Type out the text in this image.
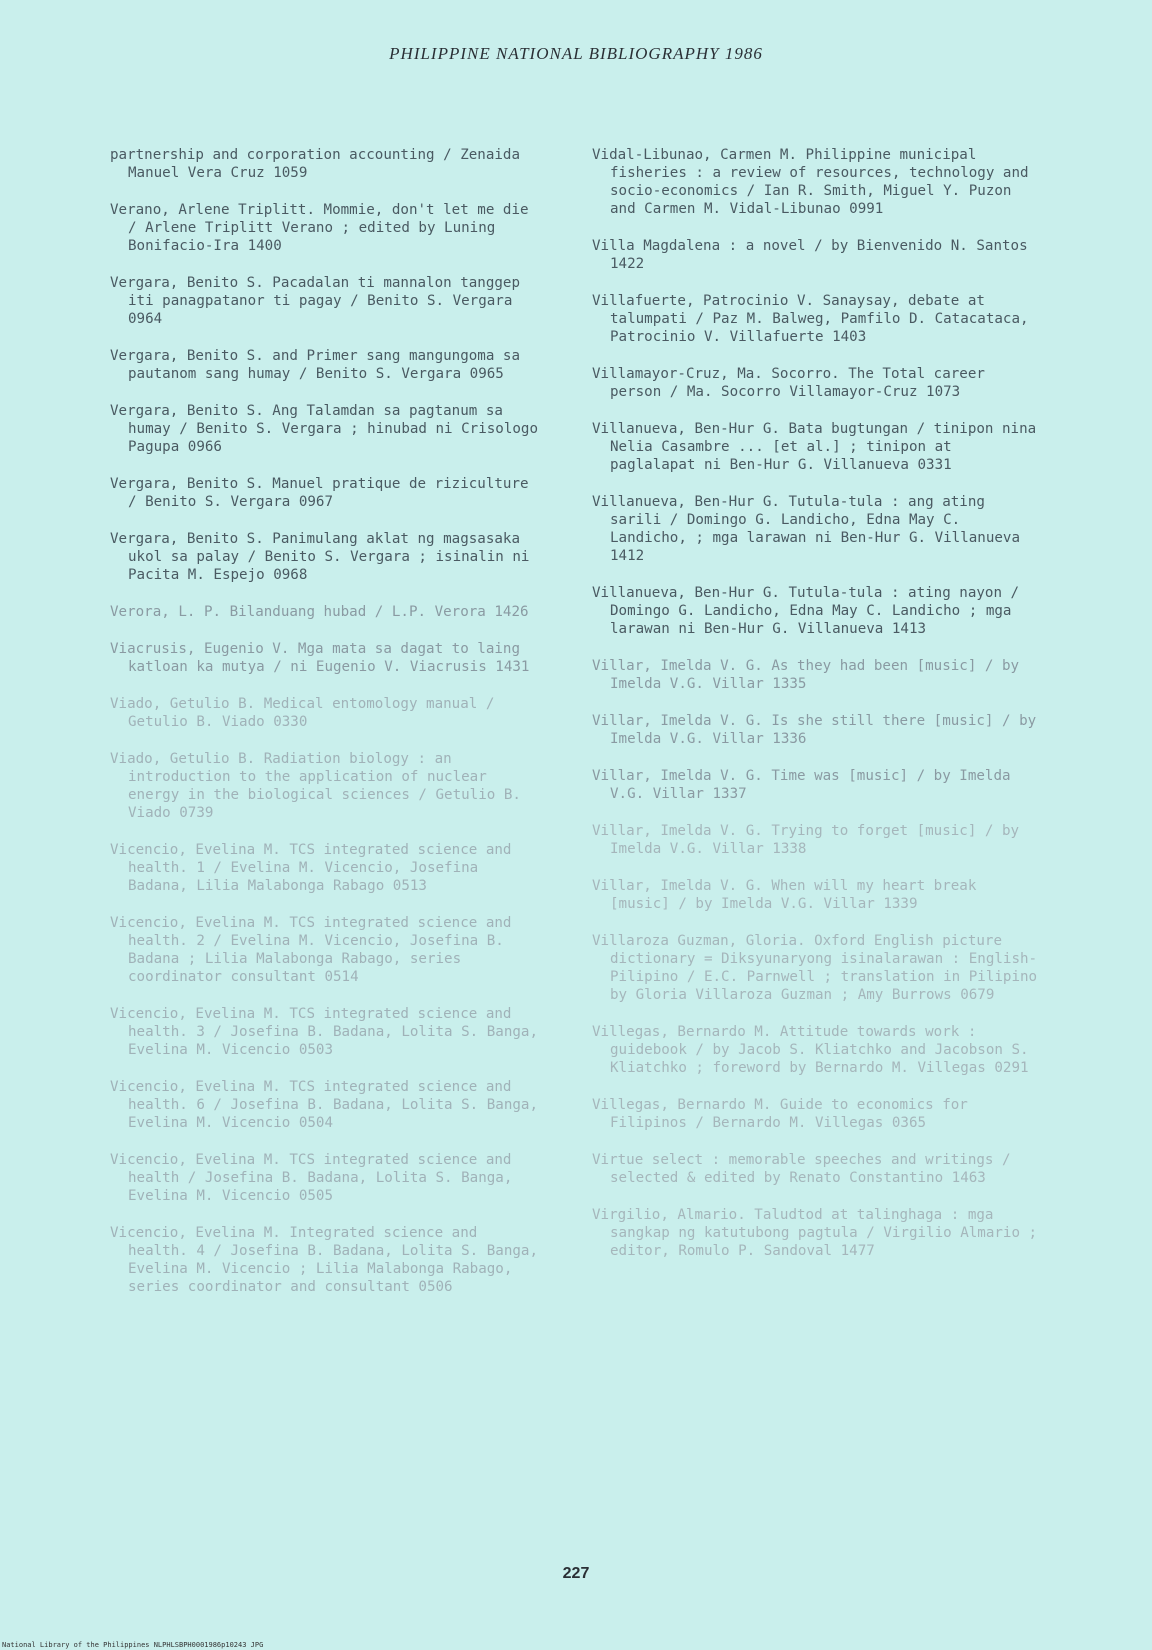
PHILIPPINE NATIONAL BIBLIOGRAPHY 1986
partnership and corporation accounting / Zenaida Manuel Vera Cruz 1059
Verano, Arlene Triplitt. Mommie, don't let me die / Arlene Triplitt Verano ; edited by Luning Bonifacio-Ira 1400
Vergara, Benito S. Pacadalan ti mannalon tanggep iti panagpatanor ti pagay / Benito S. Vergara 0964
Vergara, Benito S. and Primer sang mangungoma sa pautanom sang humay / Benito S. Vergara 0965
Vergara, Benito S. Ang Talamdan sa pagtanum sa humay / Benito S. Vergara ; hinubad ni Crisologo Pagupa 0966
Vergara, Benito S. Manuel pratique de riziculture / Benito S. Vergara 0967
Vergara, Benito S. Panimulang aklat ng magsasaka ukol sa palay / Benito S. Vergara ; isinalin ni Pacita M. Espejo 0968
Verora, L. P. Bilanduang hubad / L.P. Verora 1426
Viacrusis, Eugenio V. Mga mata sa dagat to laing katloan ka mutya / ni Eugenio V. Viacrusis 1431
Viado, Getulio B. Medical entomology manual / Getulio B. Viado 0330
Viado, Getulio B. Radiation biology : an introduction to the application of nuclear energy in the biological sciences / Getulio B. Viado 0739
Vicencio, Evelina M. TCS integrated science and health. 1 / Evelina M. Vicencio, Josefina Badana, Lilia Malabonga Rabago 0513
Vicencio, Evelina M. TCS integrated science and health. 2 / Evelina M. Vicencio, Josefina B. Badana ; Lilia Malabonga Rabago, series coordinator consultant 0514
Vicencio, Evelina M. TCS integrated science and health. 3 / Josefina B. Badana, Lolita S. Banga, Evelina M. Vicencio 0503
Vicencio, Evelina M. TCS integrated science and health. 6 / Josefina B. Badana, Lolita S. Banga, Evelina M. Vicencio 0504
Vicencio, Evelina M. TCS integrated science and health / Josefina B. Badana, Lolita S. Banga, Evelina M. Vicencio 0505
Vicencio, Evelina M. Integrated science and health. 4 / Josefina B. Badana, Lolita S. Banga, Evelina M. Vicencio ; Lilia Malabonga Rabago, series coordinator and consultant 0506
Vidal-Libunao, Carmen M. Philippine municipal fisheries : a review of resources, technology and socio-economics / Ian R. Smith, Miguel Y. Puzon and Carmen M. Vidal-Libunao 0991
Villa Magdalena : a novel / by Bienvenido N. Santos 1422
Villafuerte, Patrocinio V. Sanaysay, debate at talumpati / Paz M. Balweg, Pamfilo D. Catacataca, Patrocinio V. Villafuerte 1403
Villamayor-Cruz, Ma. Socorro. The Total career person / Ma. Socorro Villamayor-Cruz 1073
Villanueva, Ben-Hur G. Bata bugtungan / tinipon nina Nelia Casambre ... [et al.] ; tinipon at paglalapat ni Ben-Hur G. Villanueva 0331
Villanueva, Ben-Hur G. Tutula-tula : ang ating sarili / Domingo G. Landicho, Edna May C. Landicho, ; mga larawan ni Ben-Hur G. Villanueva 1412
Villanueva, Ben-Hur G. Tutula-tula : ating nayon / Domingo G. Landicho, Edna May C. Landicho ; mga larawan ni Ben-Hur G. Villanueva 1413
Villar, Imelda V. G. As they had been [music] / by Imelda V.G. Villar 1335
Villar, Imelda V. G. Is she still there [music] / by Imelda V.G. Villar 1336
Villar, Imelda V. G. Time was [music] / by Imelda V.G. Villar 1337
Villar, Imelda V. G. Trying to forget [music] / by Imelda V.G. Villar 1338
Villar, Imelda V. G. When will my heart break [music] / by Imelda V.G. Villar 1339
Villaroza Guzman, Gloria. Oxford English picture dictionary = Diksyunaryong isinalarawan : English-Pilipino / E.C. Parnwell ; translation in Pilipino by Gloria Villaroza Guzman ; Amy Burrows 0679
Villegas, Bernardo M. Attitude towards work : guidebook / by Jacob S. Kliatchko and Jacobson S. Kliatchko ; foreword by Bernardo M. Villegas 0291
Villegas, Bernardo M. Guide to economics for Filipinos / Bernardo M. Villegas 0365
Virtue select : memorable speeches and writings / selected & edited by Renato Constantino 1463
Virgilio, Almario. Taludtod at talinghaga : mga sangkap ng katutubong pagtula / Virgilio Almario ; editor, Romulo P. Sandoval 1477
227
National Library of the Philippines NLPHLSBPH0001986p10243 JPG
